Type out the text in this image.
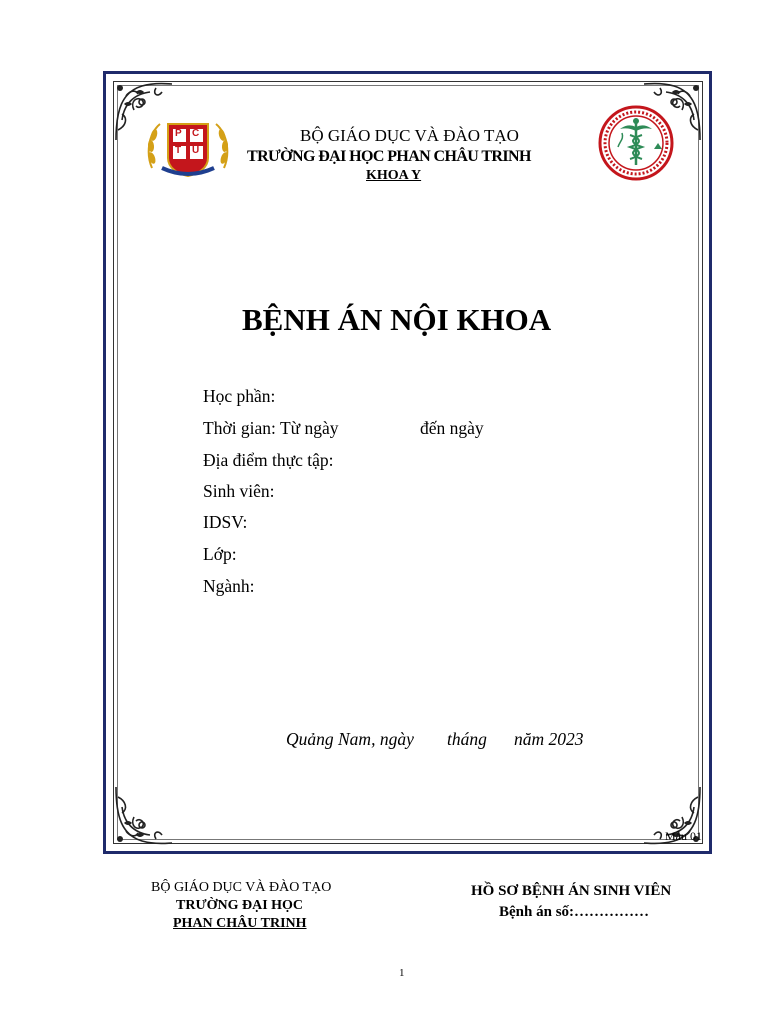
P C
T U
BỘ GIÁO DỤC VÀ ĐÀO TẠO
TRƯỜNG ĐẠI HỌC PHAN CHÂU TRINH
KHOA Y
BỆNH ÁN NỘI KHOA
Học phần:
Thời gian: Từ ngày	đến ngày
Địa điểm thực tập:
Sinh viên:
IDSV:
Lớp:
Ngành:
Quảng Nam, ngày tháng năm 2023
Mẫu 01
BỘ GIÁO DỤC VÀ ĐÀO TẠO
TRƯỜNG ĐẠI HỌC
PHAN CHÂU TRINH
HỒ SƠ BỆNH ÁN SINH VIÊN
Bệnh án số:……………
1
